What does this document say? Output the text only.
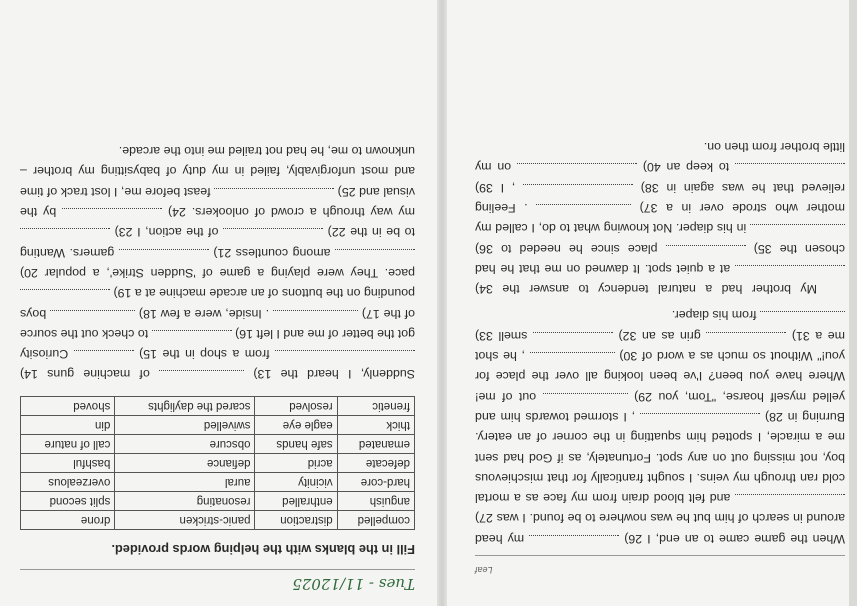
Leaf

When the game came to an end, I 26)  my head around in search of him but he was nowhere to be found. I was 27)  and felt blood drain from my face as a mortal cold ran through my veins. I sought frantically for that mischievous boy, not missing out on any spot. Fortunately, as if God had sent me a miracle, I spotted him squatting in the corner of an eatery. Burning in 28)  , I stormed towards him and yelled myself hoarse, "Tom, you 29)  out of me! Where have you been? I've been looking all over the place for you!" Without so much as a word of 30)  , he shot me a 31)  grin as an 32)  smell 33)  from his diaper.

My brother had a natural tendency to answer the 34)  at a quiet spot. It dawned on me that he had chosen the 35)  place since he needed to 36)  in his diaper. Not knowing what to do, I called my mother who strode over in a 37)  . Feeling relieved that he was again in 38)  , I 39)  to keep an 40)  on my little brother from then on.

Tues - 11/12025
Fill in the blanks with the helping words provided.
compelled	distraction	panic-stricken	drone
anguish	enthralled	resonating	split second
hard-core	vicinity	aural	overzealous
defecate	acrid	defiance	bashful
emanated	safe hands	obscure	call of nature
thick	eagle eye	swivelled	din
frenetic	resolved	scared the daylights	shoved

Suddenly, I heard the 13)  of machine guns 14)  from a shop in the 15)  Curiosity got the better of me and I left 16)  to check out the source of the 17)  . Inside, were a few 18)  boys pounding on the buttons of an arcade machine at a 19)  pace. They were playing a game of 'Sudden Strike', a popular 20)  among countless 21)  gamers. Wanting to be in the 22)  of the action, I 23)  my way through a crowd of onlookers. 24)  by the visual and 25)  feast before me, I lost track of time and most unforgivably, failed in my duty of babysitting my brother – unknown to me, he had not trailed me into the arcade.
